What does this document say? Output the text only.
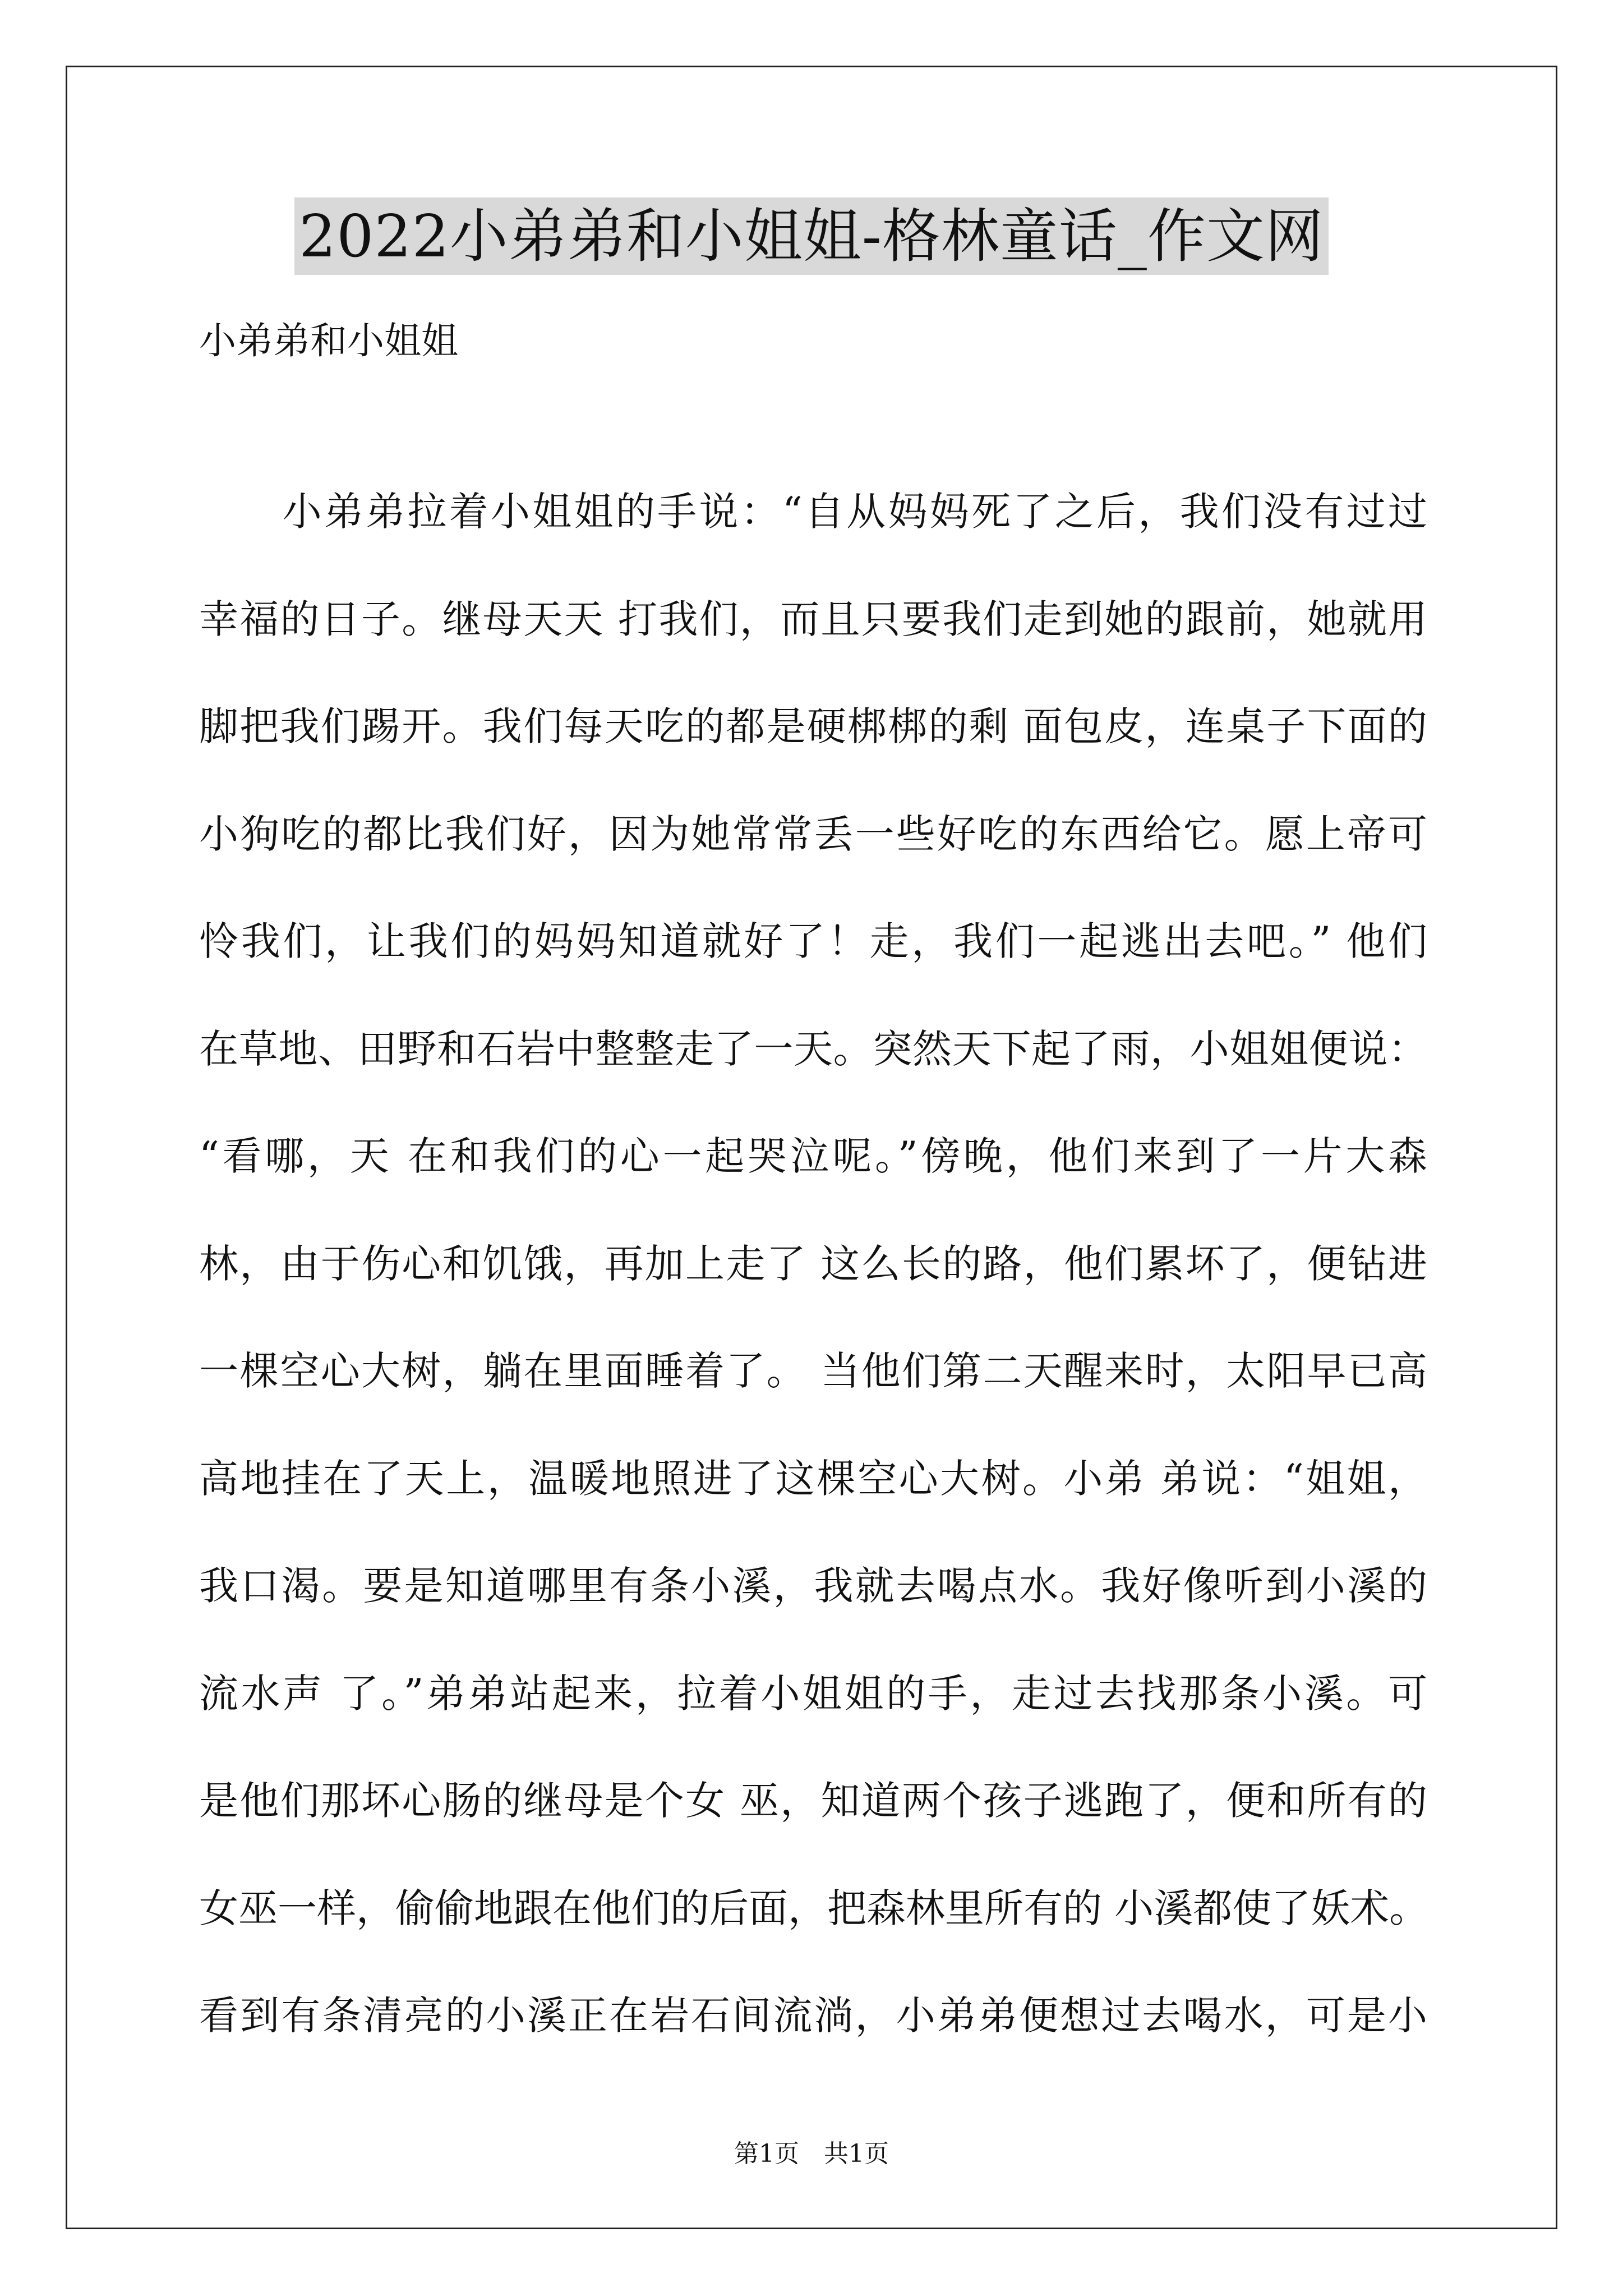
2022小弟弟和小姐姐-格林童话_作文网
小弟弟和小姐姐
　　小弟弟拉着小姐姐的手说：“自从妈妈死了之后，我们没有过过
幸福的日子。继母天天 打我们，而且只要我们走到她的跟前，她就用
脚把我们踢开。我们每天吃的都是硬梆梆的剩 面包皮，连桌子下面的
小狗吃的都比我们好，因为她常常丢一些好吃的东西给它。愿上帝可
怜我们，让我们的妈妈知道就好了！走，我们一起逃出去吧。” 他们
在草地、田野和石岩中整整走了一天。突然天下起了雨，小姐姐便说：
“看哪，天 在和我们的心一起哭泣呢。”傍晚，他们来到了一片大森
林，由于伤心和饥饿，再加上走了 这么长的路，他们累坏了，便钻进
一棵空心大树，躺在里面睡着了。 当他们第二天醒来时，太阳早已高
高地挂在了天上，温暖地照进了这棵空心大树。小弟 弟说：“姐姐，
我口渴。要是知道哪里有条小溪，我就去喝点水。我好像听到小溪的
流水声 了。”弟弟站起来，拉着小姐姐的手，走过去找那条小溪。可
是他们那坏心肠的继母是个女 巫，知道两个孩子逃跑了，便和所有的
女巫一样，偷偷地跟在他们的后面，把森林里所有的 小溪都使了妖术。
看到有条清亮的小溪正在岩石间流淌，小弟弟便想过去喝水，可是小
第1页　共1页
